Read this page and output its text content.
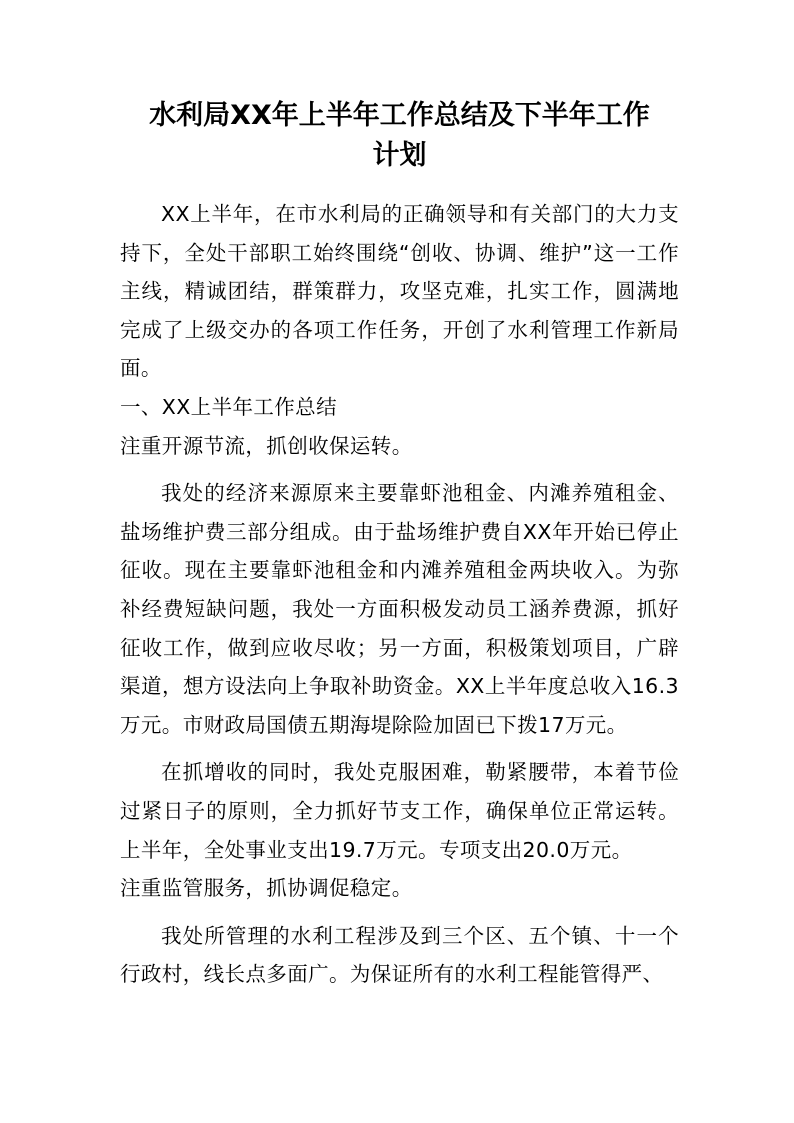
水利局XX年上半年工作总结及下半年工作
计划

XX上半年，在市水利局的正确领导和有关部门的大力支持下，全处干部职工始终围绕“创收、协调、维护”这一工作主线，精诚团结，群策群力，攻坚克难，扎实工作，圆满地完成了上级交办的各项工作任务，开创了水利管理工作新局面。

一、XX上半年工作总结

注重开源节流，抓创收保运转。

我处的经济来源原来主要靠虾池租金、内滩养殖租金、盐场维护费三部分组成。由于盐场维护费自XX年开始已停止征收。现在主要靠虾池租金和内滩养殖租金两块收入。为弥补经费短缺问题，我处一方面积极发动员工涵养费源，抓好征收工作，做到应收尽收；另一方面，积极策划项目，广辟渠道，想方设法向上争取补助资金。XX上半年度总收入16.3万元。市财政局国债五期海堤除险加固已下拨17万元。

在抓增收的同时，我处克服困难，勒紧腰带，本着节俭过紧日子的原则，全力抓好节支工作，确保单位正常运转。上半年，全处事业支出19.7万元。专项支出20.0万元。

注重监管服务，抓协调促稳定。

我处所管理的水利工程涉及到三个区、五个镇、十一个行政村，线长点多面广。为保证所有的水利工程能管得严、
